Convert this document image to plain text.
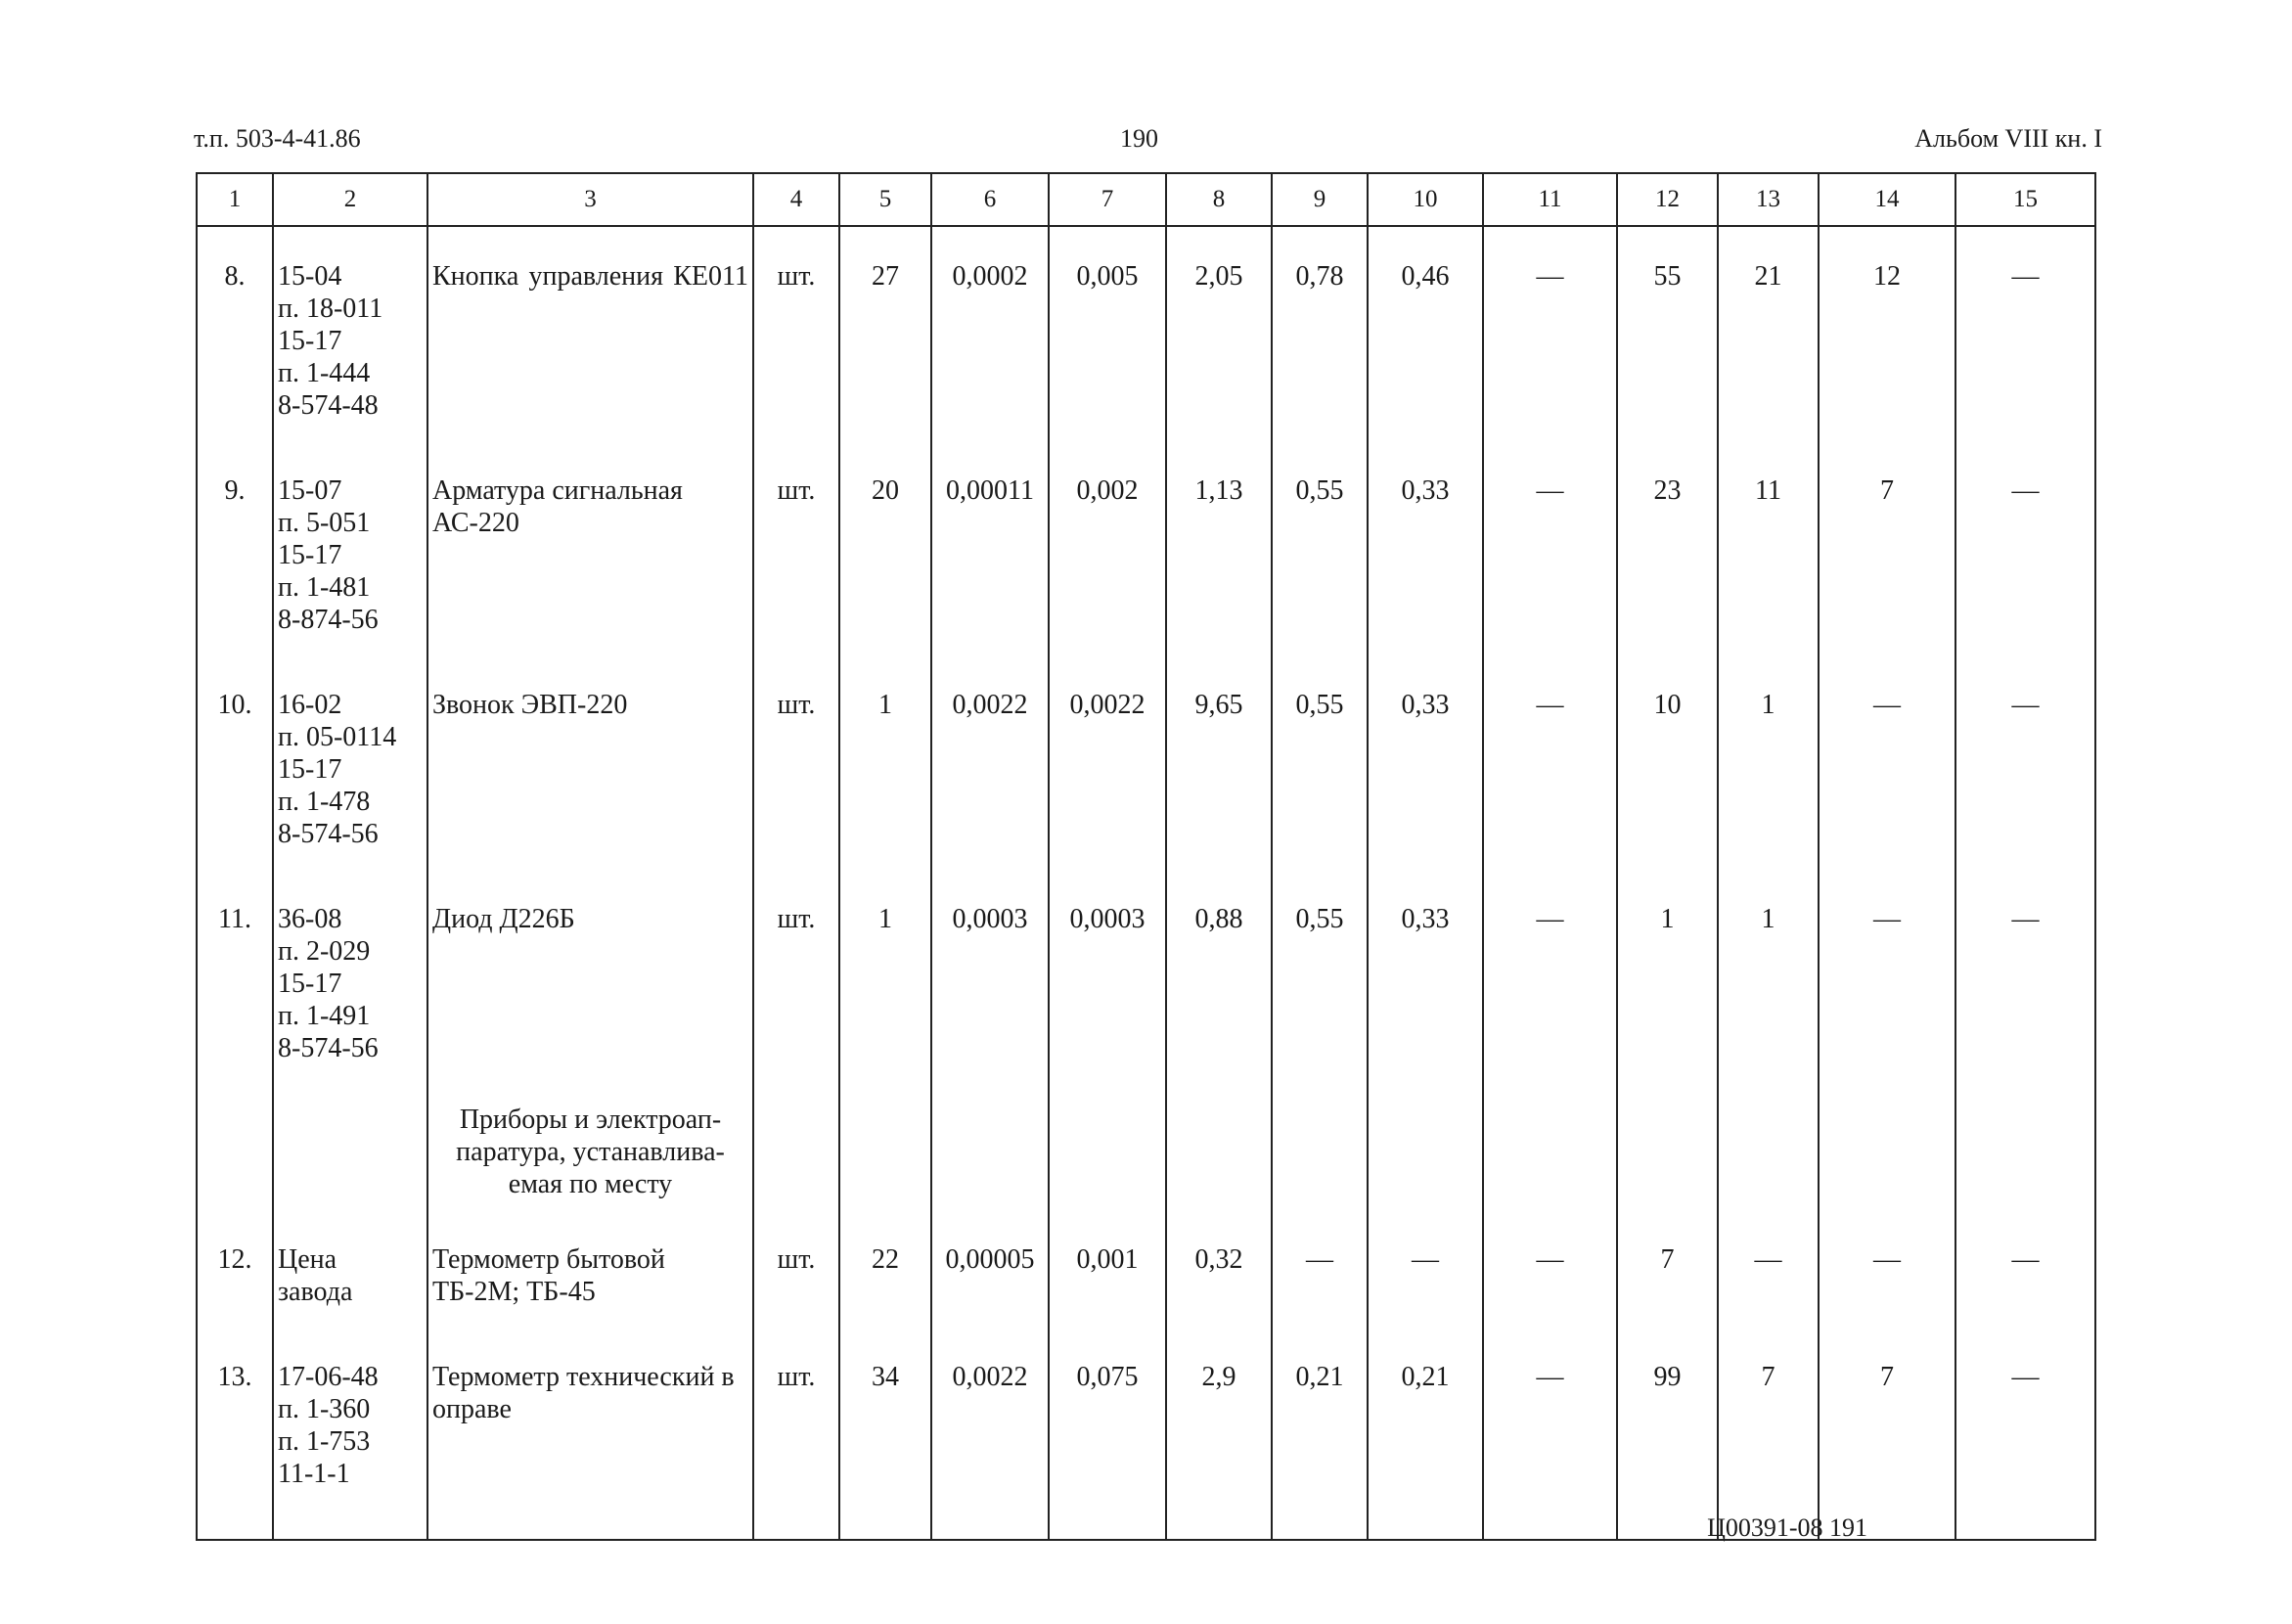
т.п. 503-4-41.86	190	Альбом VIII кн. I
1	2	3	4	5	6	7	8	9	10	11	12	13	14	15
8.	15-04
п. 18-011
15-17
п. 1-444
8-574-48	Кнопка управления КЕ011	шт.	27	0,0002	0,005	2,05	0,78	0,46	—	55	21	12	—
9.	15-07
п. 5-051
15-17
п. 1-481
8-874-56	Арматура сигнальная АС-220	шт.	20	0,00011	0,002	1,13	0,55	0,33	—	23	11	7	—
10.	16-02
п. 05-0114
15-17
п. 1-478
8-574-56	Звонок ЭВП-220	шт.	1	0,0022	0,0022	9,65	0,55	0,33	—	10	1	—	—
11.	36-08
п. 2-029
15-17
п. 1-491
8-574-56	Диод Д226Б	шт.	1	0,0003	0,0003	0,88	0,55	0,33	—	1	1	—	—
		Приборы и электроап-
паратура, устанавлива-
емая по месту												
12.	Цена
завода	Термометр бытовой ТБ-2М; ТБ-45	шт.	22	0,00005	0,001	0,32	—	—	—	7	—	—	—
13.	17-06-48
п. 1-360
п. 1-753
11-1-1	Термометр технический в оправе	шт.	34	0,0022	0,075	2,9	0,21	0,21	—	99	7	7	—
Ц00391-08 191
